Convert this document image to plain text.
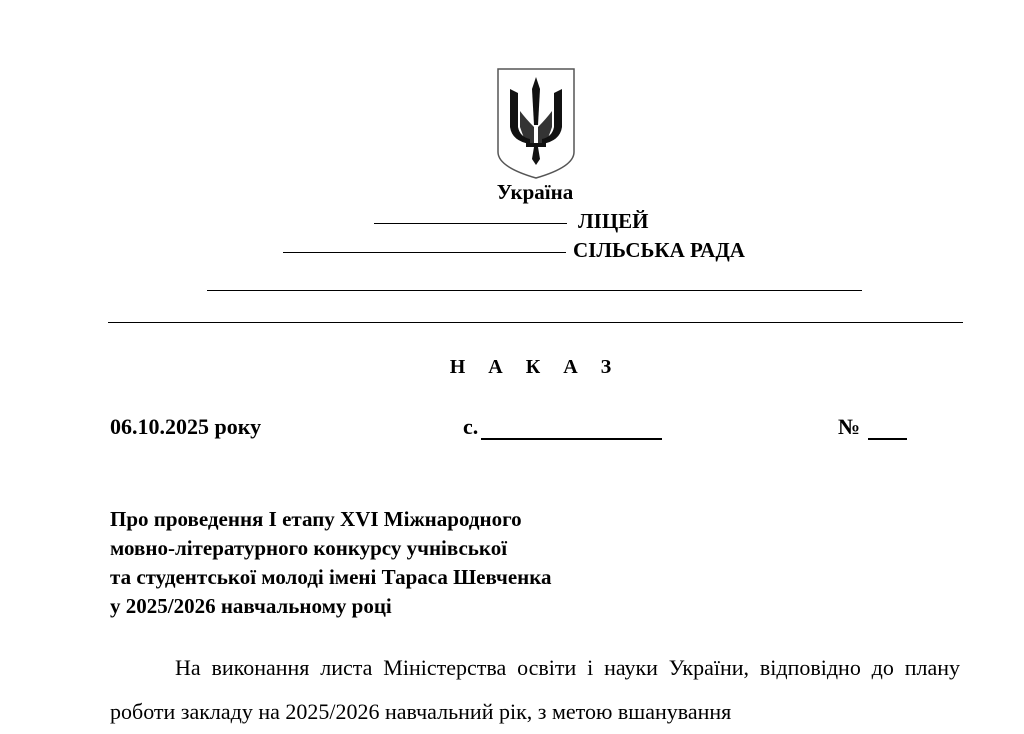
Україна
ЛІЦЕЙ
СІЛЬСЬКА РАДА
Н А К А З
06.10.2025 року	с.	№
Про проведення І етапу XVІ Міжнародного
мовно-літературного конкурсу учнівської
та студентської молоді імені Тараса Шевченка
у 2025/2026 навчальному році
На виконання листа Міністерства освіти і науки України, відповідно до плану роботи закладу на 2025/2026 навчальний рік, з метою вшанування
